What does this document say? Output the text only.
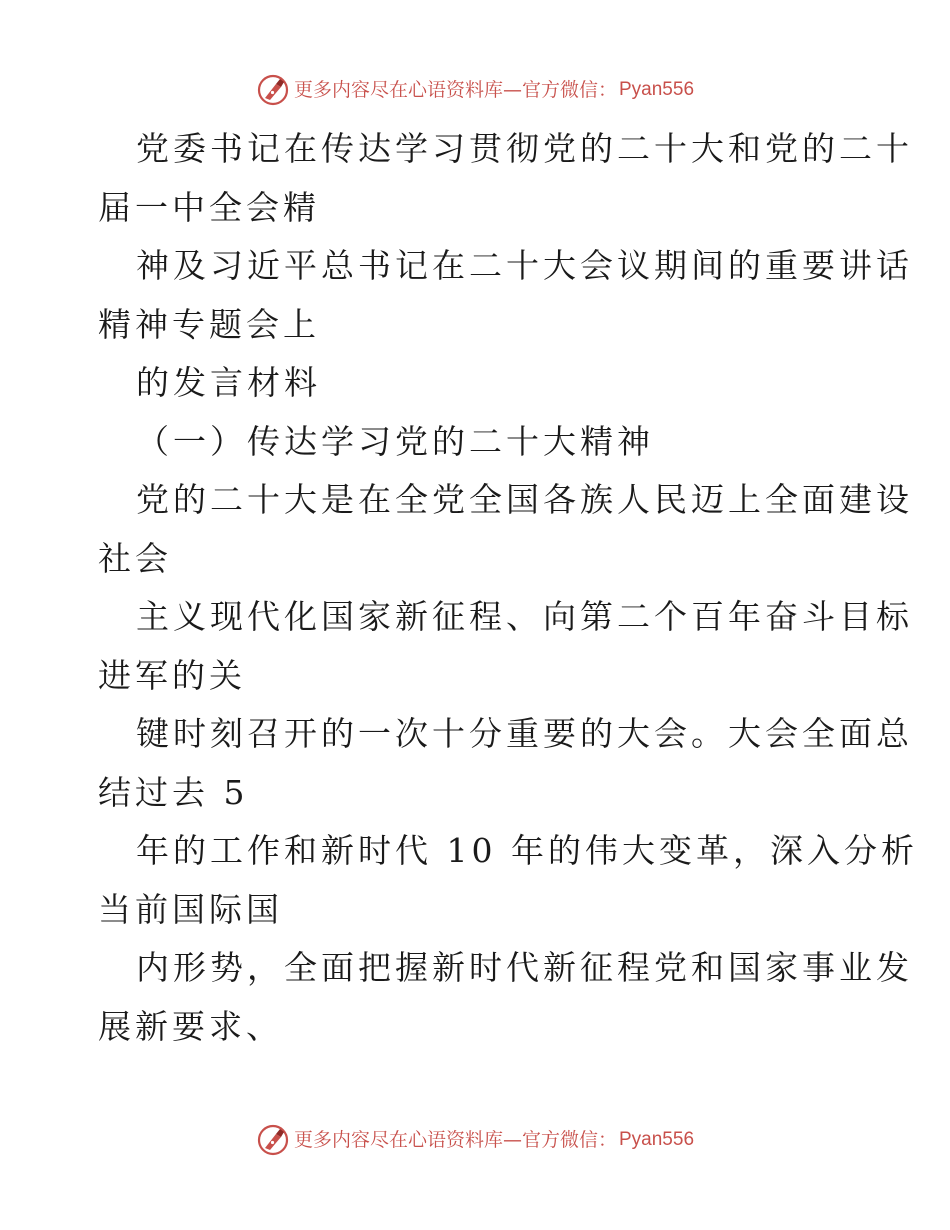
更多内容尽在心语资料库 — 官方微信： Pyan556

党委书记在传达学习贯彻党的二十大和党的二十

届一中全会精

神及习近平总书记在二十大会议期间的重要讲话

精神专题会上

的发言材料

（一）传达学习党的二十大精神

党的二十大是在全党全国各族人民迈上全面建设

社会

主义现代化国家新征程、向第二个百年奋斗目标

进军的关

键时刻召开的一次十分重要的大会。大会全面总

结过去 5

年的工作和新时代 10 年的伟大变革，深入分析

当前国际国

内形势，全面把握新时代新征程党和国家事业发

展新要求、

更多内容尽在心语资料库 — 官方微信： Pyan556
